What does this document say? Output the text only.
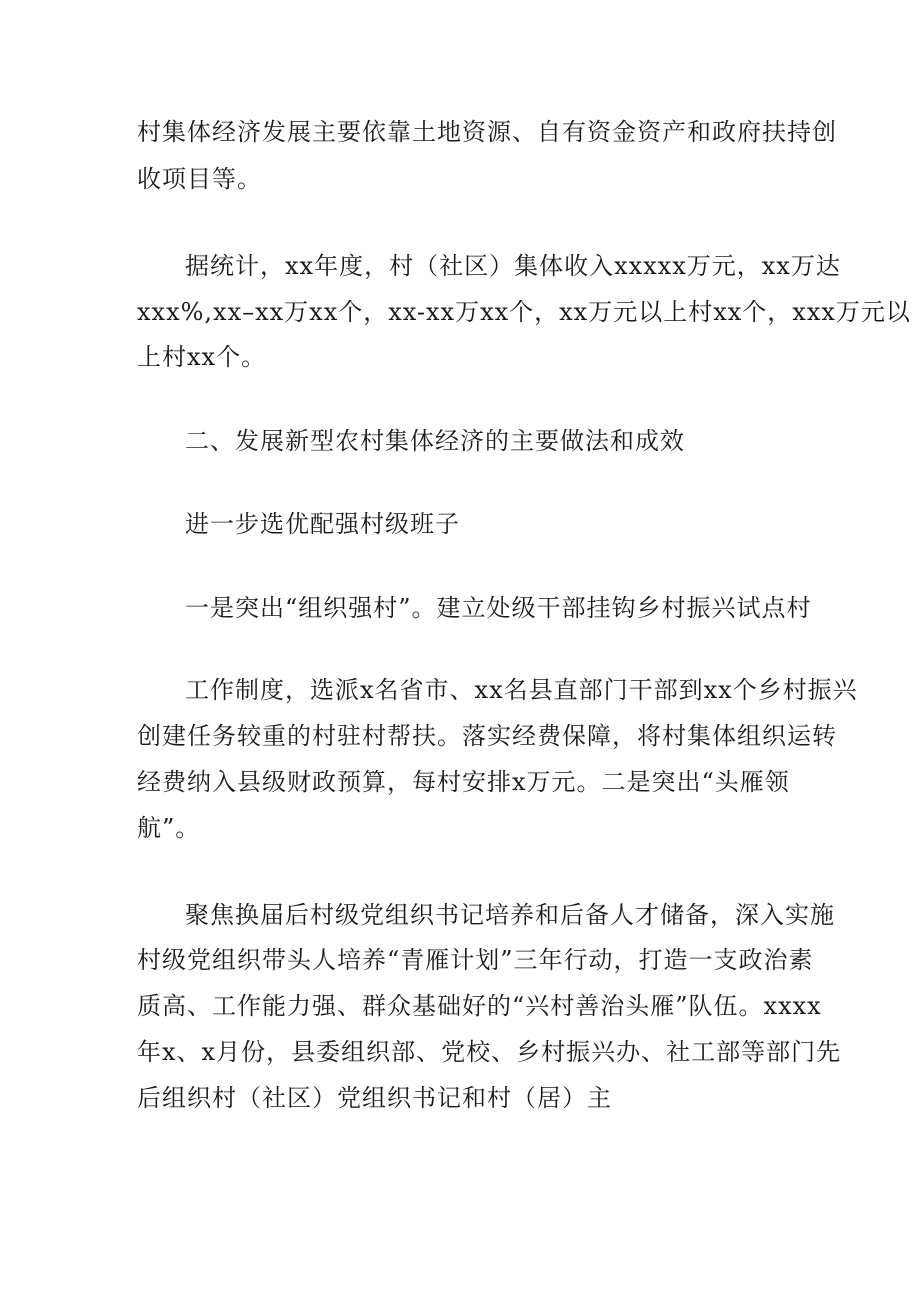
村集体经济发展主要依靠土地资源、自有资金资产和政府扶持创
收项目等。
据统计，xx年度，村（社区）集体收入xxxxx万元，xx万达
xxx%,xx–xx万xx个，xx-xx万xx个，xx万元以上村xx个，xxx万元以
上村xx个。
二、发展新型农村集体经济的主要做法和成效
进一步选优配强村级班子
一是突出“组织强村”。建立处级干部挂钩乡村振兴试点村
工作制度，选派x名省市、xx名县直部门干部到xx个乡村振兴
创建任务较重的村驻村帮扶。落实经费保障，将村集体组织运转
经费纳入县级财政预算，每村安排x万元。二是突出“头雁领
航”。
聚焦换届后村级党组织书记培养和后备人才储备，深入实施
村级党组织带头人培养“青雁计划”三年行动，打造一支政治素
质高、工作能力强、群众基础好的“兴村善治头雁”队伍。xxxx
年x、x月份，县委组织部、党校、乡村振兴办、社工部等部门先
后组织村（社区）党组织书记和村（居）主
